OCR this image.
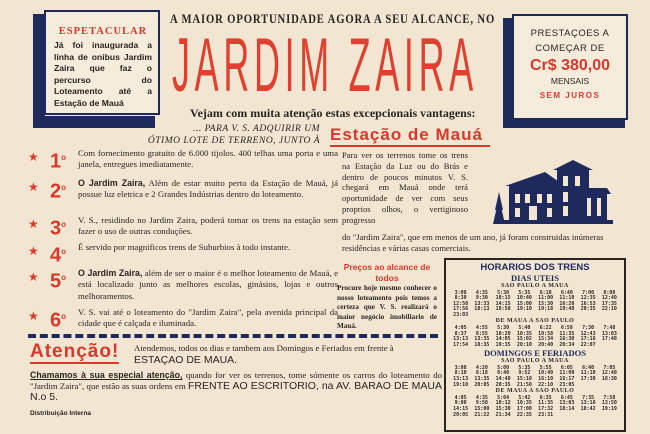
ESPETACULAR

Já foi inaugurada a linha de onibus Jardim Zaira que faz o percurso do Loteamento até a Estação de Mauá

A MAIOR OPORTUNIDADE AGORA A SEU ALCANCE, NO
JARDIM ZAIRA
Vejam com muita atenção estas excepcionais vantagens:
... PARA V. S. ADQUIRIR UM
ÓTIMO LOTE DE TERRENO, JUNTO À Estação de Mauá
PRESTAÇOES A
COMEÇAR DE
Cr$ 380,00
MENSAIS
SEM JUROS
★ 1$^o$	Com fornecimento gratuito de 6.000 tijolos. 400 telhas uma porta e uma janela, entregues imediatamente.
★ 2$^o$	O Jardim Zaira, Além de estar muito perto da Estação de Mauá, já possue luz eletrica e 2 Grandes Indústrias dentro do loteamento.
★ 3$^o$	V. S., residindo no Jardim Zaira, poderá tomar os trens na estação sem fazer o uso de outras conduções.
★ 4$^o$	É servido por magnificos trens de Suburbios à todo instante.
★ 5$^o$	O Jardim Zaira, além de ser o maior é o melhor loteamento de Mauá, e está localizado junto as melhores escolas, ginásios, lojas e outros melhoramentos.
★ 6$^o$	V. S. vai até o loteamento do "Jardim Zaira", pela avenida principal da cidade que é calçada e iluminada.
Atenção! Atendemos, todos os dias e tambem aos Domingos e Feriados em frente à ESTAÇAO DE MAUA.
Chamamos à sua especial atenção, quando for ver os terrenos, tome sómente os carros do loteamento do "Jardim Zaira", que estão as suas ordens em FRENTE AO ESCRITORIO, na AV. BARAO DE MAUA N.o 5.
Distribuição Interna
Para ver os terrenos tome os trens na Estação da Luz ou do Brás e dentro de poucos minutos V. S. chegará em Mauá onde terá oportunidade de ver com seus proprios olhos, o vertiginoso progresso
do "Jardim Zaira", que em menos de um ano, já foram construidas inúmeras residências e várias casas comerciais.
Preços ao alcance de todos

Procure hoje mesmo conhecer o nosso loteamento pois temos a certeza que V. S. realizará o maior negócio imobiliario de Mauá.

HORARIOS DOS TRENS
DIAS UTEIS
SAO PAULO A MAUA
3:08	4:35	5:30	5:35	6:10	6:40	7:00	8:08
8:30	9:30	10:15	10:40	11:00	11:10	12:35	12:40
12:50	13:33	14:15	15:00	15:30	16:20	16:53	17:35
17:56	18:13	18:50	19:10	19:18	19:48	20:35	22:10
23:03
DE MAUA A SAO PAULO
4:05	4:55	5:30	5:40	6:22	6:58	7:30	7:48
8:37	8:55	10:20	10:35	10:58	11:35	12:43	13:03
13:13	13:35	14:05	15:02	15:34	16:30	17:16	17:48
17:54	18:35	19:35	20:10	20:40	20:34	22:07
DOMINGOS E FERIADOS
SAO PAULO A MAUA
3:08	4:20	5:00	5:35	5:55	6:05	6:40	7:05
8:10	8:18	8:40	9:52	10:40	11:00	11:10	12:40
13:13	13:35	14:40	15:10	16:10	16:17	17:30	18:30
19:10	20:05	20:35	21:50	22:10	23:05
DE MAUA A SAO PAULO
4:05	4:35	5:04	5:42	6:35	6:45	7:35	7:58
9:00	9:50	10:12	10:35	11:35	13:03	13:16	13:50
14:15	15:00	15:30	17:00	17:32	18:14	18:42	19:19
20:05	21:22	21:34	22:35	23:31
